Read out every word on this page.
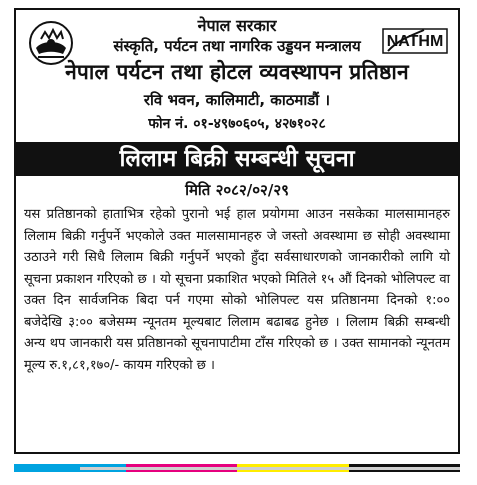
नेपाल सरकार
संस्कृति, पर्यटन तथा नागरिक उड्डयन मन्त्रालय
नेपाल पर्यटन तथा होटल व्यवस्थापन प्रतिष्ठान
रवि भवन, कालिमाटी, काठमाडौं ।
फोन नं. ०१-४९७०६०५, ४२७१०२८
NATHM
लिलाम बिक्री सम्बन्धी सूचना
मिति २०८२/०२/२९
यस प्रतिष्ठानको हाताभित्र रहेको पुरानो भई हाल प्रयोगमा आउन नसकेका मालसामानहरु लिलाम बिक्री गर्नुपर्ने भएकोले उक्त मालसामानहरु जे जस्तो अवस्थामा छ सोही अवस्थामा उठाउने गरी सिधै लिलाम बिक्री गर्नुपर्ने भएको हुँदा सर्वसाधारणको जानकारीको लागि यो सूचना प्रकाशन गरिएको छ । यो सूचना प्रकाशित भएको मितिले १५ औं दिनको भोलिपल्ट वा उक्त दिन सार्वजनिक बिदा पर्न गएमा सोको भोलिपल्ट यस प्रतिष्ठानमा दिनको १:०० बजेदेखि ३:०० बजेसम्म न्यूनतम मूल्यबाट लिलाम बढाबढ हुनेछ । लिलाम बिक्री सम्बन्धी अन्य थप जानकारी यस प्रतिष्ठानको सूचनापाटीमा टाँस गरिएको छ । उक्त सामानको न्यूनतम मूल्य रु.१,८१,१७०/- कायम गरिएको छ ।
